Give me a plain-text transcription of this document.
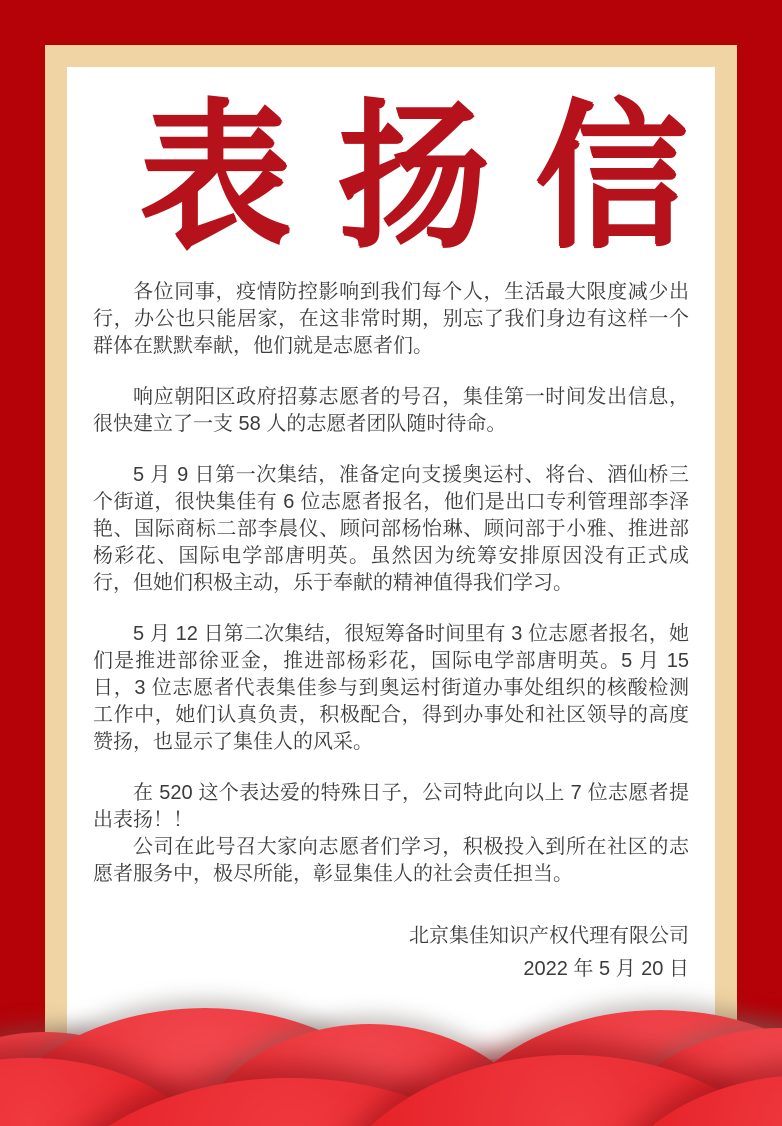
表扬信

各位同事，疫情防控影响到我们每个人，生活最大限度减少出行，办公也只能居家，在这非常时期，别忘了我们身边有这样一个群体在默默奉献，他们就是志愿者们。

响应朝阳区政府招募志愿者的号召，集佳第一时间发出信息，很快建立了一支 58 人的志愿者团队随时待命。

5 月 9 日第一次集结，准备定向支援奥运村、将台、酒仙桥三个街道，很快集佳有 6 位志愿者报名，他们是出口专利管理部李泽艳、国际商标二部李晨仪、顾问部杨怡琳、顾问部于小雅、推进部杨彩花、国际电学部唐明英。虽然因为统筹安排原因没有正式成行，但她们积极主动，乐于奉献的精神值得我们学习。

5 月 12 日第二次集结，很短筹备时间里有 3 位志愿者报名，她们是推进部徐亚金，推进部杨彩花，国际电学部唐明英。5 月 15 日，3 位志愿者代表集佳参与到奥运村街道办事处组织的核酸检测工作中，她们认真负责，积极配合，得到办事处和社区领导的高度赞扬，也显示了集佳人的风采。

在 520 这个表达爱的特殊日子，公司特此向以上 7 位志愿者提出表扬！！

公司在此号召大家向志愿者们学习，积极投入到所在社区的志愿者服务中，极尽所能，彰显集佳人的社会责任担当。

北京集佳知识产权代理有限公司
2022 年 5 月 20 日
